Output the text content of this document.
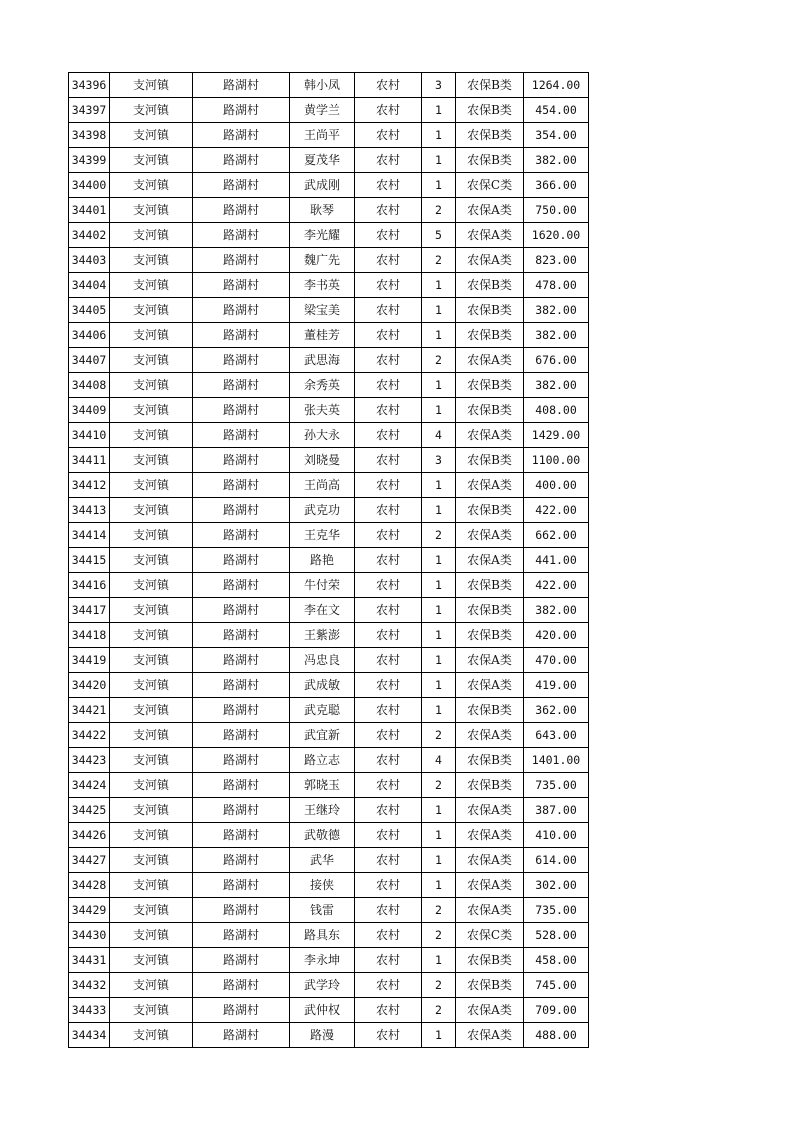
34396	支河镇	路湖村	韩小凤	农村	3	农保B类	1264.00
34397	支河镇	路湖村	黄学兰	农村	1	农保B类	454.00
34398	支河镇	路湖村	王尚平	农村	1	农保B类	354.00
34399	支河镇	路湖村	夏茂华	农村	1	农保B类	382.00
34400	支河镇	路湖村	武成刚	农村	1	农保C类	366.00
34401	支河镇	路湖村	耿琴	农村	2	农保A类	750.00
34402	支河镇	路湖村	李光耀	农村	5	农保A类	1620.00
34403	支河镇	路湖村	魏广先	农村	2	农保A类	823.00
34404	支河镇	路湖村	李书英	农村	1	农保B类	478.00
34405	支河镇	路湖村	梁宝美	农村	1	农保B类	382.00
34406	支河镇	路湖村	董桂芳	农村	1	农保B类	382.00
34407	支河镇	路湖村	武思海	农村	2	农保A类	676.00
34408	支河镇	路湖村	余秀英	农村	1	农保B类	382.00
34409	支河镇	路湖村	张夫英	农村	1	农保B类	408.00
34410	支河镇	路湖村	孙大永	农村	4	农保A类	1429.00
34411	支河镇	路湖村	刘晓曼	农村	3	农保B类	1100.00
34412	支河镇	路湖村	王尚高	农村	1	农保A类	400.00
34413	支河镇	路湖村	武克功	农村	1	农保B类	422.00
34414	支河镇	路湖村	王克华	农村	2	农保A类	662.00
34415	支河镇	路湖村	路艳	农村	1	农保A类	441.00
34416	支河镇	路湖村	牛付荣	农村	1	农保B类	422.00
34417	支河镇	路湖村	李在文	农村	1	农保B类	382.00
34418	支河镇	路湖村	王紫澎	农村	1	农保B类	420.00
34419	支河镇	路湖村	冯忠良	农村	1	农保A类	470.00
34420	支河镇	路湖村	武成敏	农村	1	农保A类	419.00
34421	支河镇	路湖村	武克聪	农村	1	农保B类	362.00
34422	支河镇	路湖村	武宜新	农村	2	农保A类	643.00
34423	支河镇	路湖村	路立志	农村	4	农保B类	1401.00
34424	支河镇	路湖村	郭晓玉	农村	2	农保B类	735.00
34425	支河镇	路湖村	王继玲	农村	1	农保A类	387.00
34426	支河镇	路湖村	武敬德	农村	1	农保A类	410.00
34427	支河镇	路湖村	武华	农村	1	农保A类	614.00
34428	支河镇	路湖村	接侠	农村	1	农保A类	302.00
34429	支河镇	路湖村	钱雷	农村	2	农保A类	735.00
34430	支河镇	路湖村	路具东	农村	2	农保C类	528.00
34431	支河镇	路湖村	李永坤	农村	1	农保B类	458.00
34432	支河镇	路湖村	武学玲	农村	2	农保B类	745.00
34433	支河镇	路湖村	武仲权	农村	2	农保A类	709.00
34434	支河镇	路湖村	路漫	农村	1	农保A类	488.00
